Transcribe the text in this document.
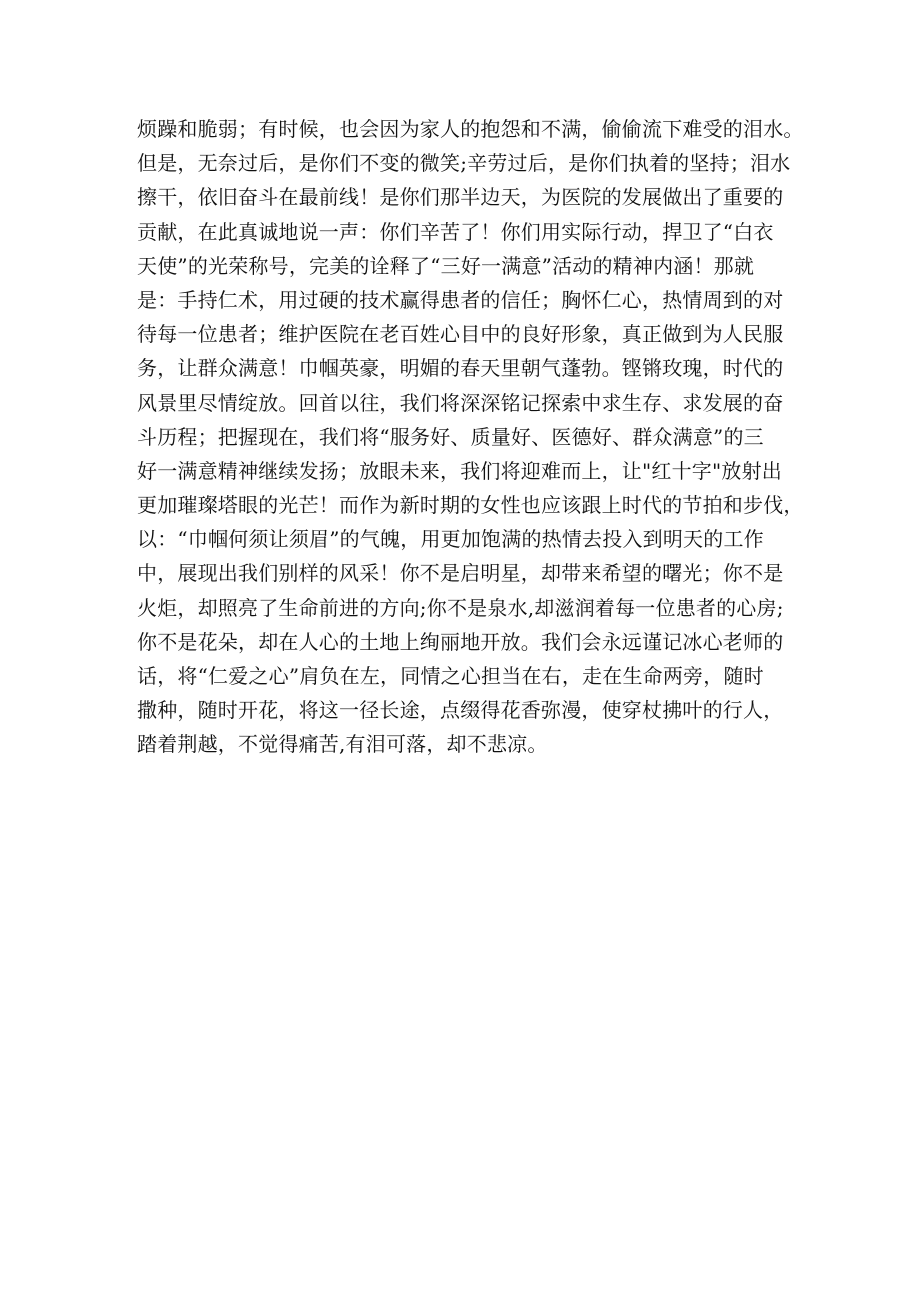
烦躁和脆弱；有时候，也会因为家人的抱怨和不满，偷偷流下难受的泪水。
但是，无奈过后，是你们不变的微笑;辛劳过后，是你们执着的坚持；泪水
擦干，依旧奋斗在最前线！是你们那半边天，为医院的发展做出了重要的
贡献，在此真诚地说一声：你们辛苦了！你们用实际行动，捍卫了“白衣
天使”的光荣称号，完美的诠释了“三好一满意”活动的精神内涵！那就
是：手持仁术，用过硬的技术赢得患者的信任；胸怀仁心，热情周到的对
待每一位患者；维护医院在老百姓心目中的良好形象，真正做到为人民服
务，让群众满意！巾帼英豪，明媚的春天里朝气蓬勃。铿锵玫瑰，时代的
风景里尽情绽放。回首以往，我们将深深铭记探索中求生存、求发展的奋
斗历程；把握现在，我们将“服务好、质量好、医德好、群众满意”的三
好一满意精神继续发扬；放眼未来，我们将迎难而上，让"红十字"放射出
更加璀璨塔眼的光芒！而作为新时期的女性也应该跟上时代的节拍和步伐，
以：“巾帼何须让须眉”的气魄，用更加饱满的热情去投入到明天的工作
中，展现出我们别样的风采！你不是启明星，却带来希望的曙光；你不是
火炬，却照亮了生命前进的方向;你不是泉水,却滋润着每一位患者的心房;
你不是花朵，却在人心的土地上绚丽地开放。我们会永远谨记冰心老师的
话，将“仁爱之心”肩负在左，同情之心担当在右，走在生命两旁，随时
撒种，随时开花，将这一径长途，点缀得花香弥漫，使穿杖拂叶的行人，
踏着荆越，不觉得痛苦,有泪可落，却不悲凉。
